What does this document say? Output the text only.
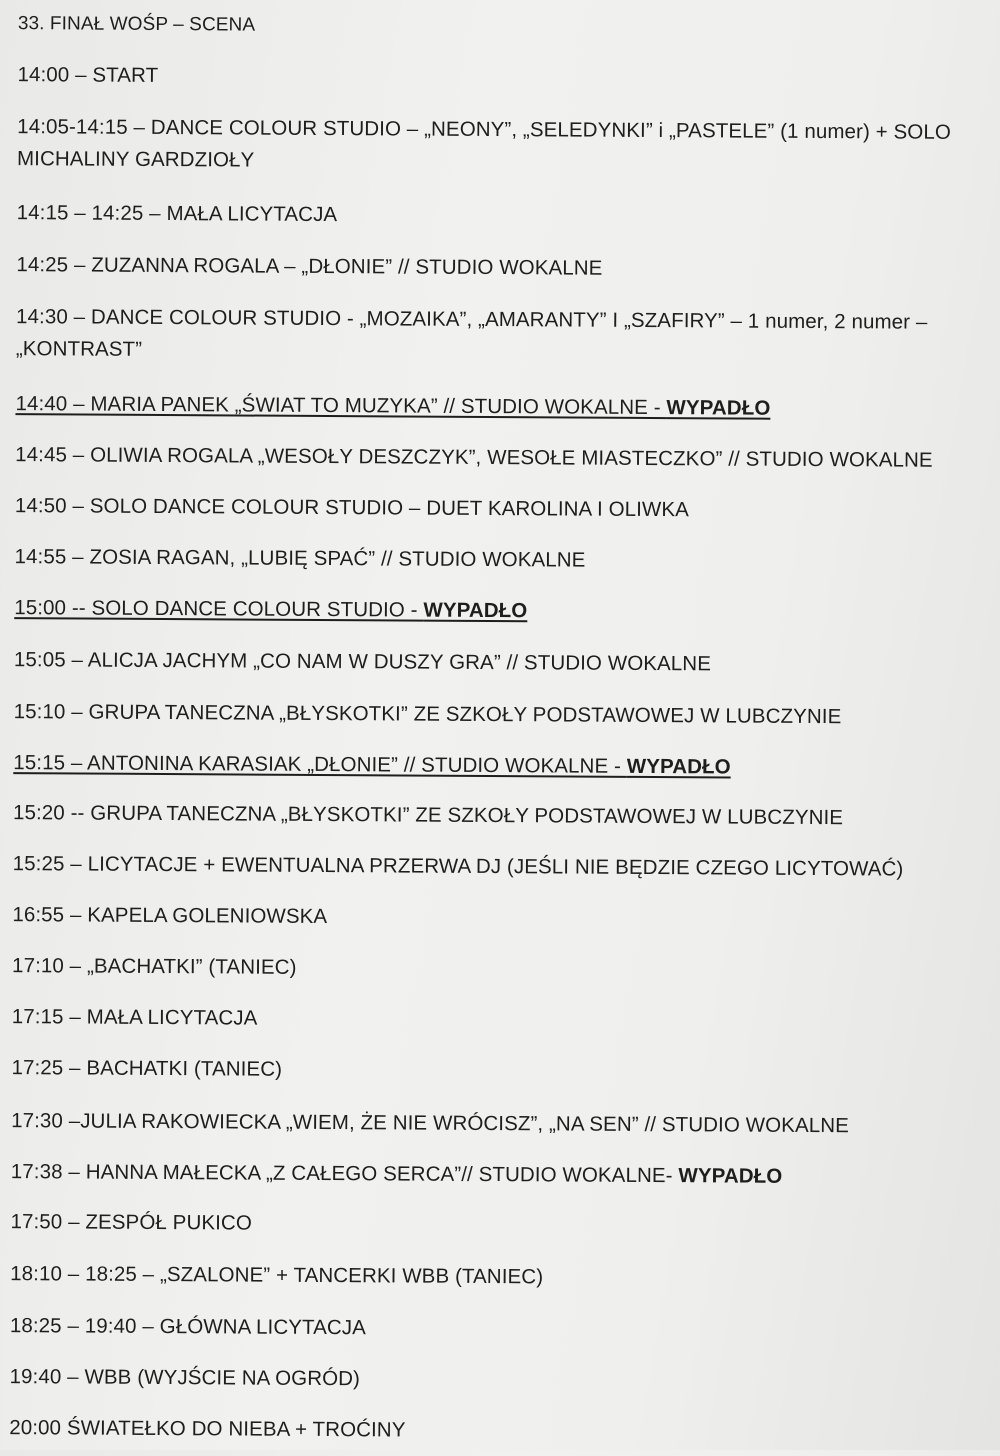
33. FINAŁ WOŚP – SCENA
14:00 – START
14:05-14:15 – DANCE COLOUR STUDIO – „NEONY”, „SELEDYNKI” i „PASTELE” (1 numer) + SOLO MICHALINY GARDZIOŁY
14:15 – 14:25 – MAŁA LICYTACJA
14:25 – ZUZANNA ROGALA – „DŁONIE” // STUDIO WOKALNE
14:30 – DANCE COLOUR STUDIO - „MOZAIKA”, „AMARANTY” I „SZAFIRY” – 1 numer, 2 numer – „KONTRAST”
14:40 – MARIA PANEK „ŚWIAT TO MUZYKA” // STUDIO WOKALNE - WYPADŁO
14:45 – OLIWIA ROGALA „WESOŁY DESZCZYK”, WESOŁE MIASTECZKO” // STUDIO WOKALNE
14:50 – SOLO DANCE COLOUR STUDIO – DUET KAROLINA I OLIWKA
14:55 – ZOSIA RAGAN, „LUBIĘ SPAĆ” // STUDIO WOKALNE
15:00 -- SOLO DANCE COLOUR STUDIO - WYPADŁO
15:05 – ALICJA JACHYM „CO NAM W DUSZY GRA” // STUDIO WOKALNE
15:10 – GRUPA TANECZNA „BŁYSKOTKI” ZE SZKOŁY PODSTAWOWEJ W LUBCZYNIE
15:15 – ANTONINA KARASIAK „DŁONIE” // STUDIO WOKALNE - WYPADŁO
15:20 -- GRUPA TANECZNA „BŁYSKOTKI” ZE SZKOŁY PODSTAWOWEJ W LUBCZYNIE
15:25 – LICYTACJE + EWENTUALNA PRZERWA DJ (JEŚLI NIE BĘDZIE CZEGO LICYTOWAĆ)
16:55 – KAPELA GOLENIOWSKA
17:10 – „BACHATKI” (TANIEC)
17:15 – MAŁA LICYTACJA
17:25 – BACHATKI (TANIEC)
17:30 –JULIA RAKOWIECKA „WIEM, ŻE NIE WRÓCISZ”, „NA SEN” // STUDIO WOKALNE
17:38 – HANNA MAŁECKA „Z CAŁEGO SERCA”// STUDIO WOKALNE- WYPADŁO
17:50 – ZESPÓŁ PUKICO
18:10 – 18:25 – „SZALONE” + TANCERKI WBB (TANIEC)
18:25 – 19:40 – GŁÓWNA LICYTACJA
19:40 – WBB (WYJŚCIE NA OGRÓD)
20:00 ŚWIATEŁKO DO NIEBA + TROĆINY
